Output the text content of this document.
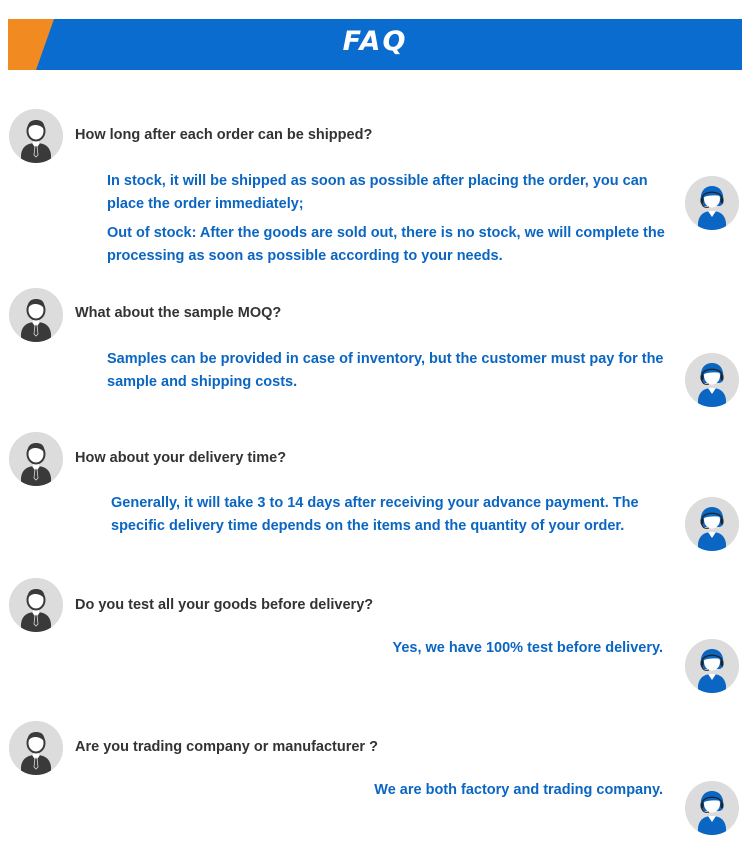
FAQ
How long after each order can be shipped?

In stock, it will be shipped as soon as possible after placing the order, you can place the order immediately;

Out of stock: After the goods are sold out, there is no stock, we will complete the processing as soon as possible according to your needs.

What about the sample MOQ?

Samples can be provided in case of inventory, but the customer must pay for the sample and shipping costs.

How about your delivery time?

Generally, it will take 3 to 14 days after receiving your advance payment. The specific delivery time depends on the items and the quantity of your order.

Do you test all your goods before delivery?

Yes, we have 100% test before delivery.

Are you trading company or manufacturer ?

We are both factory and trading company.
